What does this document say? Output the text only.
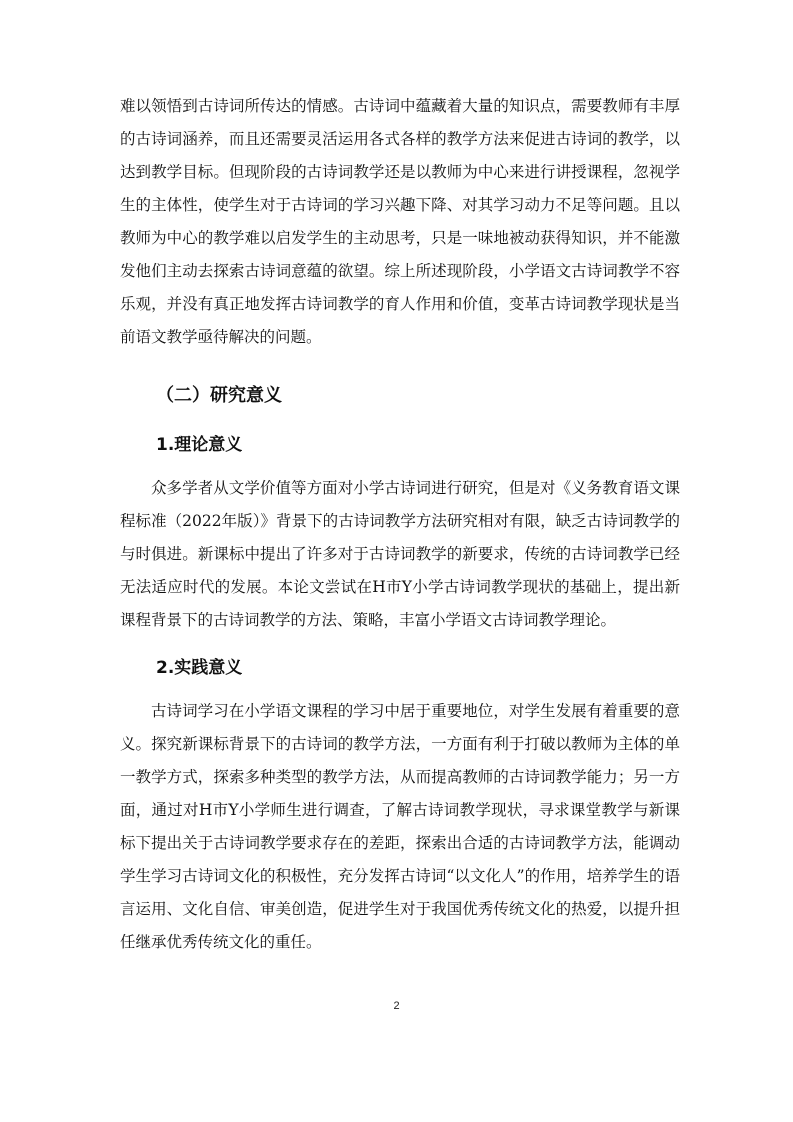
难以领悟到古诗词所传达的情感。古诗词中蕴藏着大量的知识点，需要教师有丰厚的古诗词涵养，而且还需要灵活运用各式各样的教学方法来促进古诗词的教学，以达到教学目标。但现阶段的古诗词教学还是以教师为中心来进行讲授课程，忽视学生的主体性，使学生对于古诗词的学习兴趣下降、对其学习动力不足等问题。且以教师为中心的教学难以启发学生的主动思考，只是一味地被动获得知识，并不能激发他们主动去探索古诗词意蕴的欲望。综上所述现阶段，小学语文古诗词教学不容乐观，并没有真正地发挥古诗词教学的育人作用和价值，变革古诗词教学现状是当前语文教学亟待解决的问题。

（二）研究意义
1.理论意义

众多学者从文学价值等方面对小学古诗词进行研究，但是对《义务教育语文课程标准（2022年版）》背景下的古诗词教学方法研究相对有限，缺乏古诗词教学的与时俱进。新课标中提出了许多对于古诗词教学的新要求，传统的古诗词教学已经无法适应时代的发展。本论文尝试在H市Y小学古诗词教学现状的基础上，提出新课程背景下的古诗词教学的方法、策略，丰富小学语文古诗词教学理论。

2.实践意义

古诗词学习在小学语文课程的学习中居于重要地位，对学生发展有着重要的意义。探究新课标背景下的古诗词的教学方法，一方面有利于打破以教师为主体的单一教学方式，探索多种类型的教学方法，从而提高教师的古诗词教学能力；另一方面，通过对H市Y小学师生进行调查，了解古诗词教学现状，寻求课堂教学与新课标下提出关于古诗词教学要求存在的差距，探索出合适的古诗词教学方法，能调动学生学习古诗词文化的积极性，充分发挥古诗词“以文化人”的作用，培养学生的语言运用、文化自信、审美创造，促进学生对于我国优秀传统文化的热爱，以提升担任继承优秀传统文化的重任。

2
